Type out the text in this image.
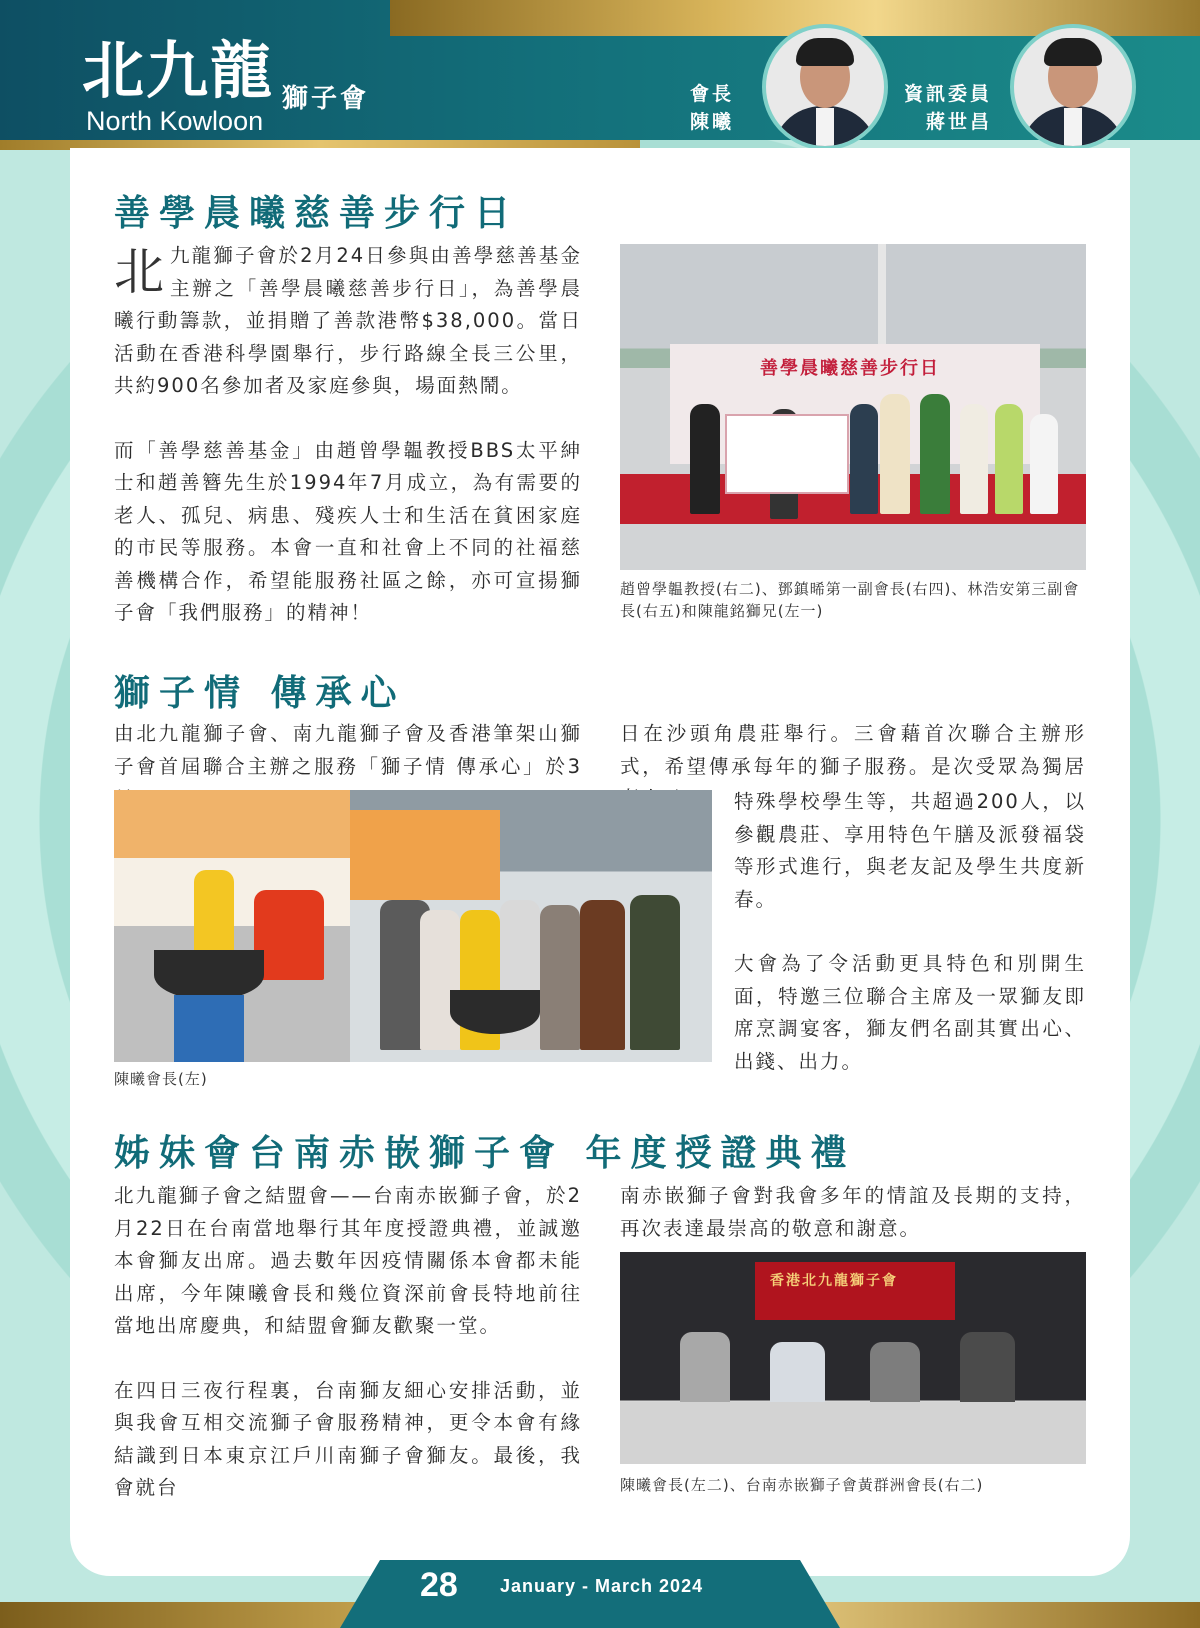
北九龍 獅子會
North Kowloon
會長
陳曦
資訊委員
蔣世昌
善學晨曦慈善步行日

北九龍獅子會於2月24日參與由善學慈善基金主辦之「善學晨曦慈善步行日」，為善學晨曦行動籌款，並捐贈了善款港幣$38,000。當日活動在香港科學園舉行，步行路線全長三公里，共約900名參加者及家庭參與，場面熱鬧。

而「善學慈善基金」由趙曾學韞教授BBS太平紳士和趙善簪先生於1994年7月成立，為有需要的老人、孤兒、病患、殘疾人士和生活在貧困家庭的市民等服務。本會一直和社會上不同的社福慈善機構合作，希望能服務社區之餘，亦可宣揚獅子會「我們服務」的精神！

善學晨曦慈善步行日

趙曾學韞教授(右二)、鄧鎮晞第一副會長(右四)、林浩安第三副會長(右五)和陳龍銘獅兄(左一)

獅子情 傳承心

由北九龍獅子會、南九龍獅子會及香港筆架山獅子會首屆聯合主辦之服務「獅子情 傳承心」於3

日在沙頭角農莊舉行。三會藉首次聯合主辦形式，希望傳承每年的獅子服務。是次受眾為獨居

陳曦會長(左)

特殊學校學生等，共超過200人，以參觀農莊、享用特色午膳及派發福袋等形式進行，與老友記及學生共度新春。

大會為了令活動更具特色和別開生面，特邀三位聯合主席及一眾獅友即席烹調宴客，獅友們名副其實出心、出錢、出力。

姊妹會台南赤嵌獅子會 年度授證典禮

北九龍獅子會之結盟會——台南赤嵌獅子會，於2月22日在台南當地舉行其年度授證典禮，並誠邀本會獅友出席。過去數年因疫情關係本會都未能出席，今年陳曦會長和幾位資深前會長特地前往當地出席慶典，和結盟會獅友歡聚一堂。

在四日三夜行程裏，台南獅友細心安排活動，並與我會互相交流獅子會服務精神，更令本會有緣結識到日本東京江戶川南獅子會獅友。最後，我會就台

南赤嵌獅子會對我會多年的情誼及長期的支持，再次表達最崇高的敬意和謝意。

香港北九龍獅子會

陳曦會長(左二)、台南赤嵌獅子會黃群洲會長(右二)

28 January - March 2024
